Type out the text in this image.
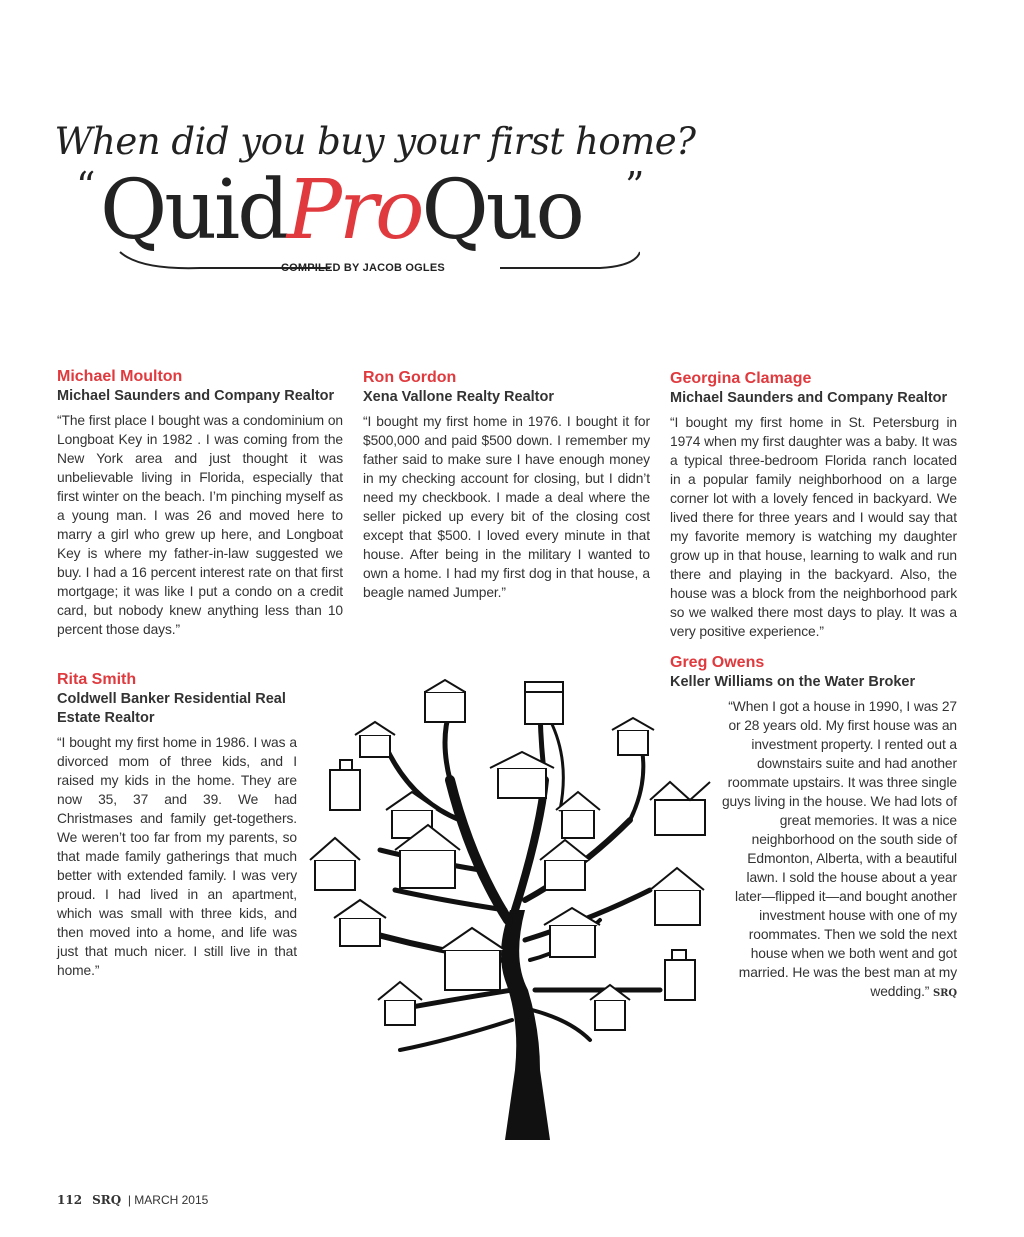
When did you buy your first home?
“ QuidProQuo ”
COMPILED BY JACOB OGLES

Michael Moulton

Michael Saunders and Company Realtor

“The first place I bought was a condominium on Longboat Key in 1982 . I was coming from the New York area and just thought it was unbelievable living in Florida, especially that first winter on the beach. I’m pinching myself as a young man. I was 26 and moved here to marry a girl who grew up here, and Longboat Key is where my father-in-law suggested we buy. I had a 16 percent interest rate on that first mortgage; it was like I put a condo on a credit card, but nobody knew anything less than 10 percent those days.”

Rita Smith

Coldwell Banker Residential Real Estate Realtor

“I bought my first home in 1986. I was a divorced mom of three kids, and I raised my kids in the home. They are now 35, 37 and 39. We had Christmases and family get-togethers. We weren’t too far from my parents, so that made family gatherings that much better with extended family. I was very proud. I had lived in an apartment, which was small with three kids, and then moved into a home, and life was just that much nicer. I still live in that home.”

Ron Gordon

Xena Vallone Realty Realtor

“I bought my first home in 1976. I bought it for $500,000 and paid $500 down. I remember my father said to make sure I have enough money in my checking account for closing, but I didn’t need my checkbook. I made a deal where the seller picked up every bit of the closing cost except that $500. I loved every minute in that house. After being in the military I wanted to own a home. I had my first dog in that house, a beagle named Jumper.”

Georgina Clamage

Michael Saunders and Company Realtor

“I bought my first home in St. Petersburg in 1974 when my first daughter was a baby. It was a typical three-bedroom Florida ranch located in a popular family neighborhood on a large corner lot with a lovely fenced in backyard. We lived there for three years and I would say that my favorite memory is watching my daughter grow up in that house, learning to walk and run there and playing in the backyard. Also, the house was a block from the neighborhood park so we walked there most days to play. It was a very positive experience.”

Greg Owens

Keller Williams on the Water Broker

“When I got a house in 1990, I was 27 or 28 years old. My first house was an investment property. I rented out a downstairs suite and had another roommate upstairs. It was three single guys living in the house. We had lots of great memories. It was a nice neighborhood on the south side of Edmonton, Alberta, with a beautiful lawn. I sold the house about a year later—flipped it—and bought another investment house with one of my roommates. Then we sold the next house when we both went and got married. He was the best man at my wedding.” SRQ

112 SRQ | MARCH 2015
